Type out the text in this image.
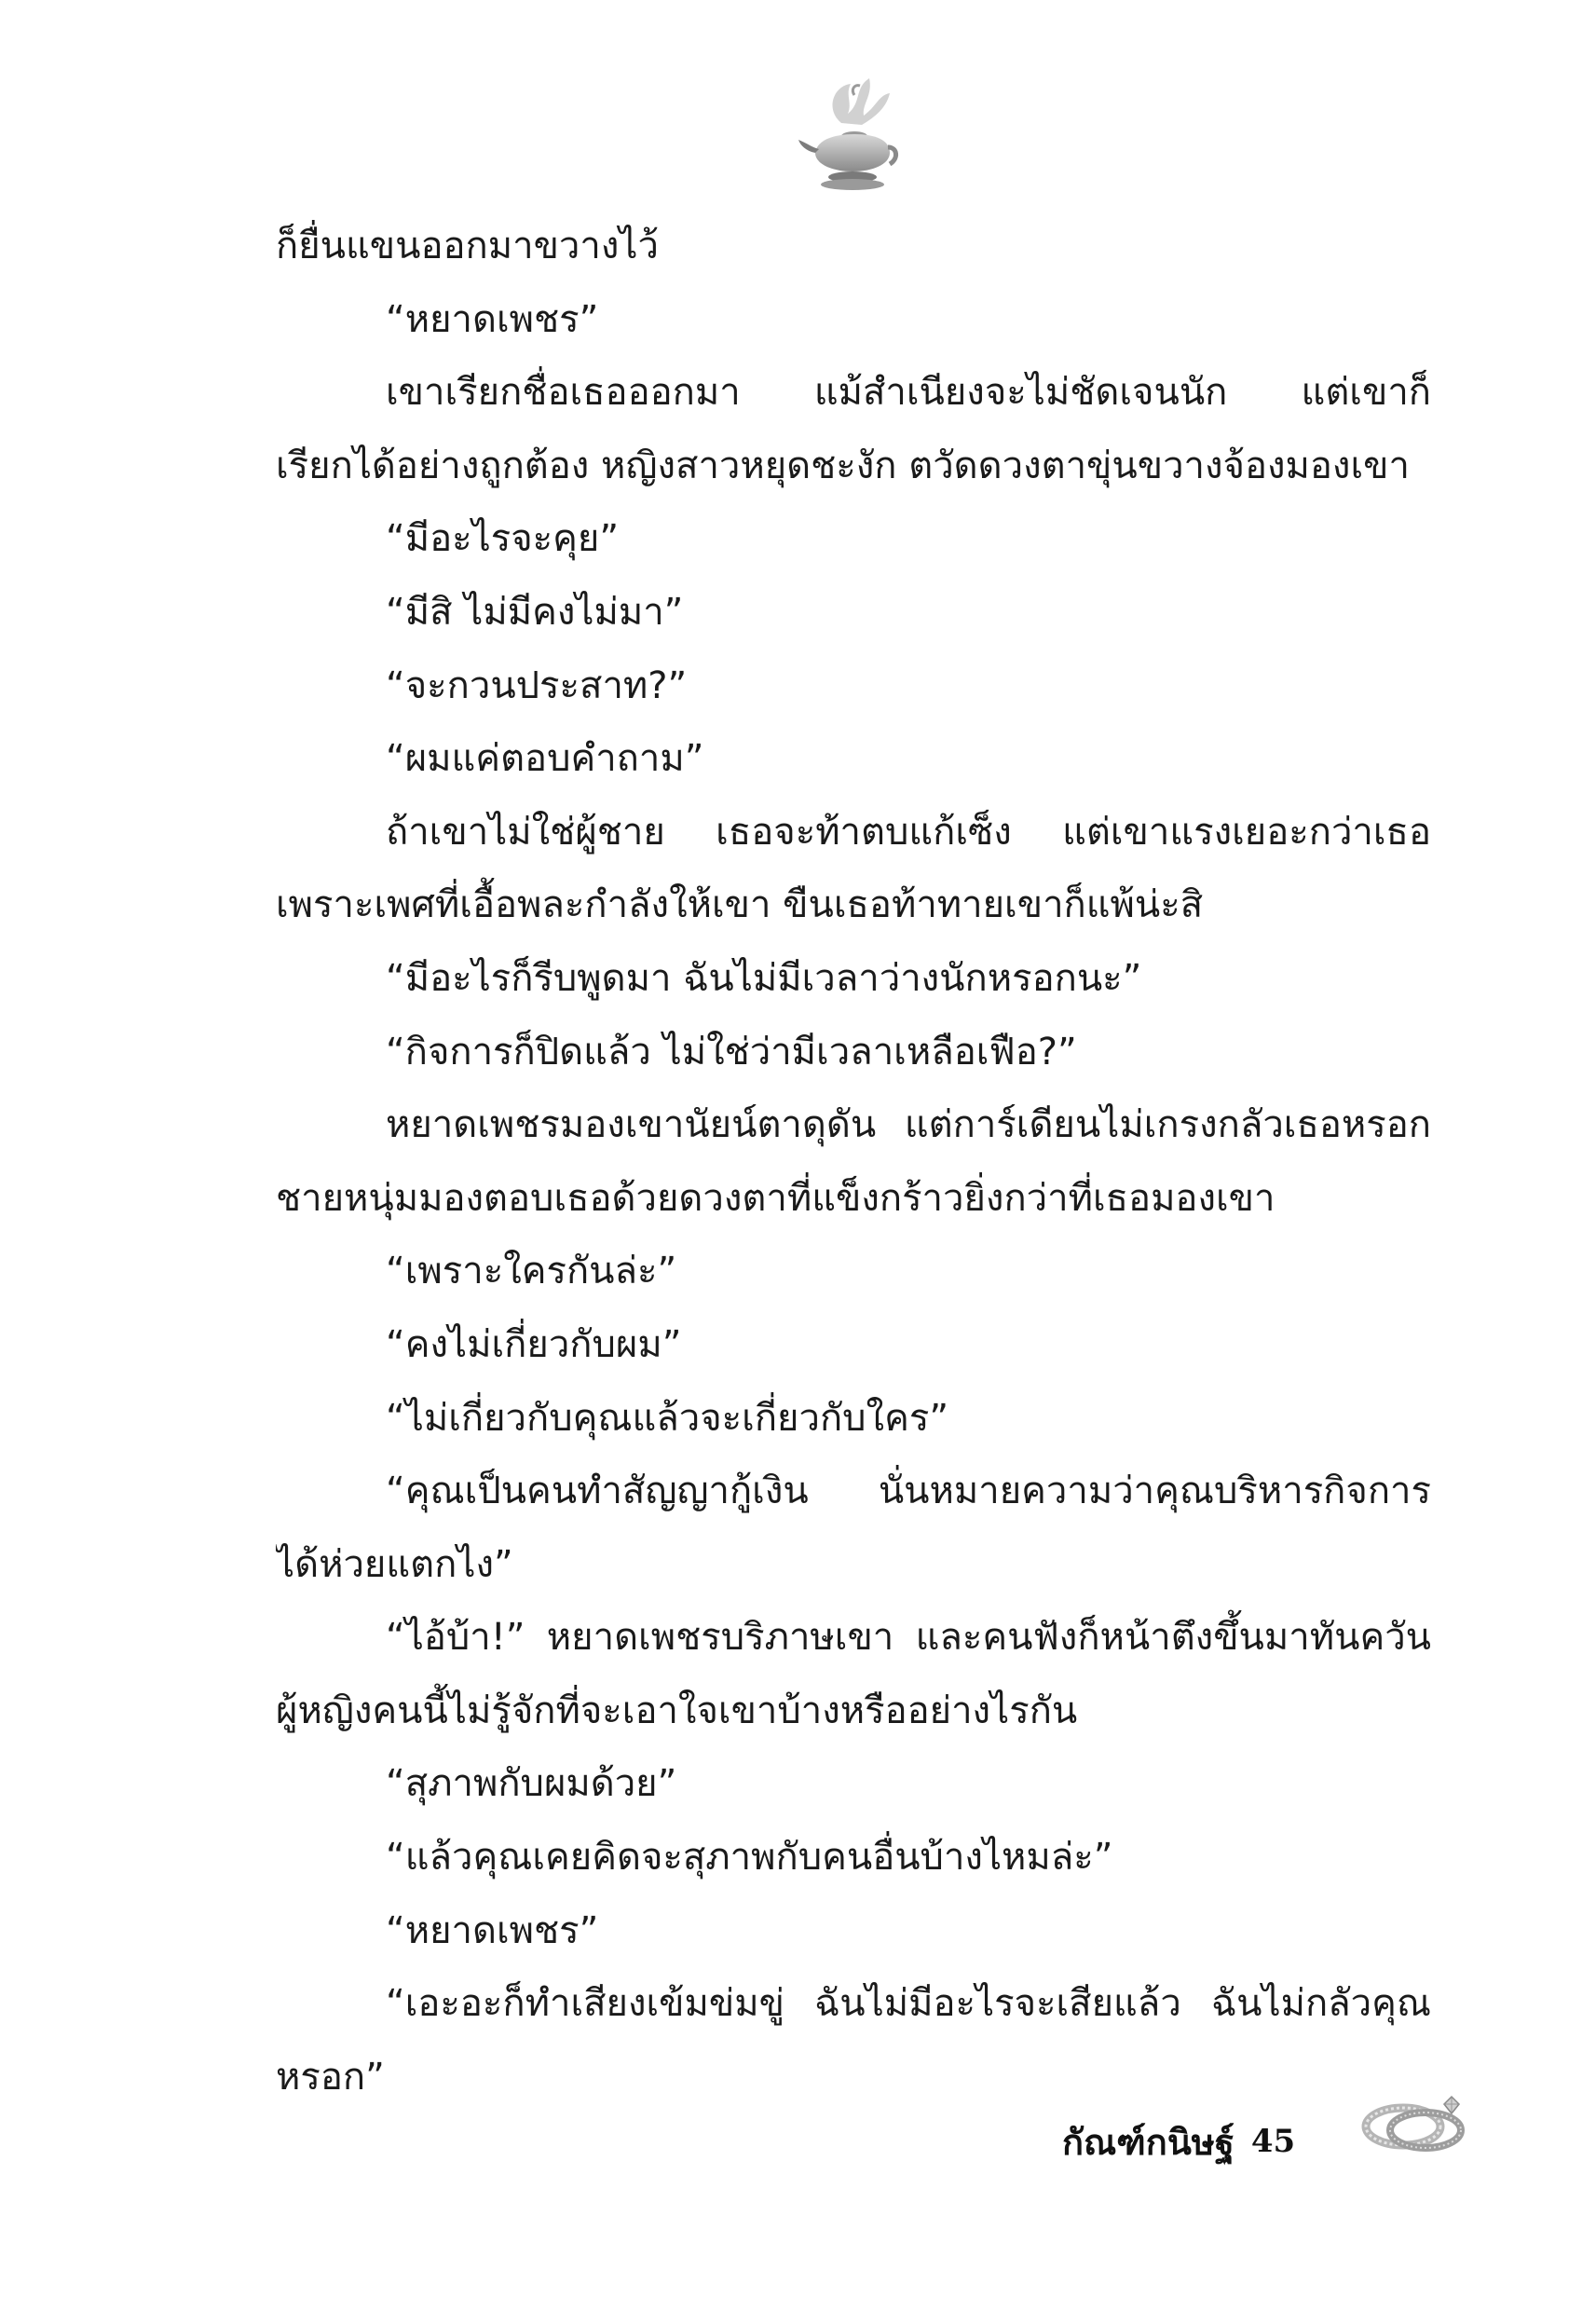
ก็ยื่นแขนออกมาขวางไว้
“หยาดเพชร”
เขาเรียกชื่อเธอออกมา แม้สำเนียงจะไม่ชัดเจนนัก แต่เขาก็
เรียกได้อย่างถูกต้อง หญิงสาวหยุดชะงัก ตวัดดวงตาขุ่นขวางจ้องมองเขา
“มีอะไรจะคุย”
“มีสิ ไม่มีคงไม่มา”
“จะกวนประสาท?”
“ผมแค่ตอบคำถาม”
ถ้าเขาไม่ใช่ผู้ชาย เธอจะท้าตบแก้เซ็ง แต่เขาแรงเยอะกว่าเธอ
เพราะเพศที่เอื้อพละกำลังให้เขา ขืนเธอท้าทายเขาก็แพ้น่ะสิ
“มีอะไรก็รีบพูดมา ฉันไม่มีเวลาว่างนักหรอกนะ”
“กิจการก็ปิดแล้ว ไม่ใช่ว่ามีเวลาเหลือเฟือ?”
หยาดเพชรมองเขานัยน์ตาดุดัน แต่การ์เดียนไม่เกรงกลัวเธอหรอก
ชายหนุ่มมองตอบเธอด้วยดวงตาที่แข็งกร้าวยิ่งกว่าที่เธอมองเขา
“เพราะใครกันล่ะ”
“คงไม่เกี่ยวกับผม”
“ไม่เกี่ยวกับคุณแล้วจะเกี่ยวกับใคร”
“คุณเป็นคนทำสัญญากู้เงิน นั่นหมายความว่าคุณบริหารกิจการ
ได้ห่วยแตกไง”
“ไอ้บ้า!” หยาดเพชรบริภาษเขา และคนฟังก็หน้าตึงขึ้นมาทันควัน
ผู้หญิงคนนี้ไม่รู้จักที่จะเอาใจเขาบ้างหรืออย่างไรกัน
“สุภาพกับผมด้วย”
“แล้วคุณเคยคิดจะสุภาพกับคนอื่นบ้างไหมล่ะ”
“หยาดเพชร”
“เอะอะก็ทำเสียงเข้มข่มขู่ ฉันไม่มีอะไรจะเสียแล้ว ฉันไม่กลัวคุณ
หรอก”
กัณฑ์กนิษฐ์ 45
